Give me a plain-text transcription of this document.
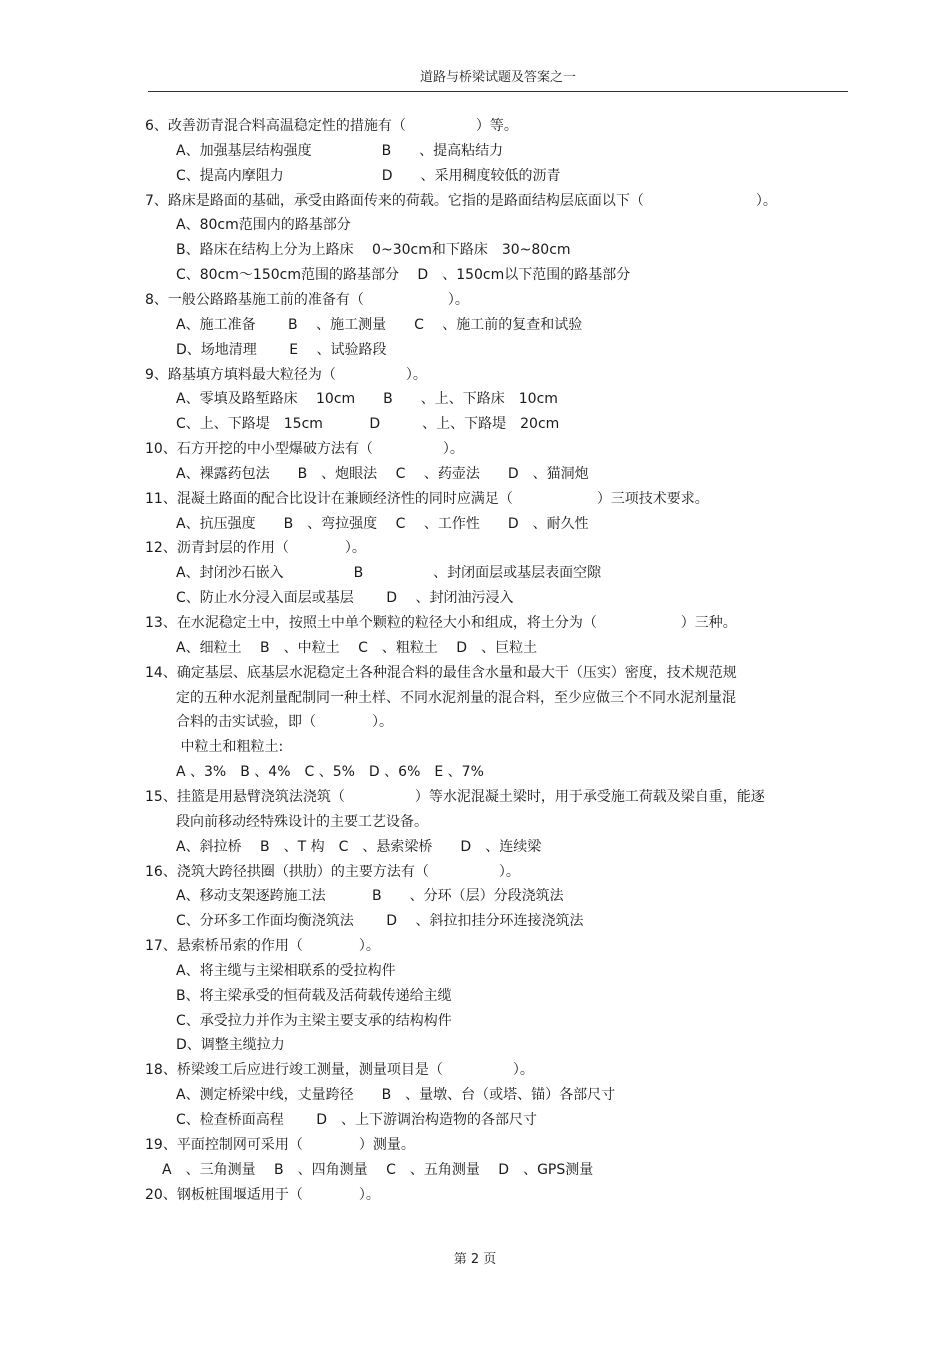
道路与桥梁试题及答案之一
6、改善沥青混合料高温稳定性的措施有（　　　　　）等。
A、加强基层结构强度　　　　　B　　、提高粘结力
C、提高内摩阻力　　　　　　　D　　、采用稠度较低的沥青
7、路床是路面的基础，承受由路面传来的荷载。它指的是路面结构层底面以下（　　　　　　　　）。
A、80cm范围内的路基部分
B、路床在结构上分为上路床　 0~30cm和下路床　30~80cm
C、80cm～150cm范围的路基部分　 D　、150cm以下范围的路基部分
8、一般公路路基施工前的准备有（　　　　　　）。
A、施工准备　　 B　 、施工测量　　C　 、施工前的复查和试验
D、场地清理　　 E　 、试验路段
9、路基填方填料最大粒径为（　　　　　）。
A、零填及路堑路床　 10cm　　B　　、上、下路床　10cm
C、上、下路堤　15cm　　　 D　　　、上、下路堤　20cm
10、石方开挖的中小型爆破方法有（　　　　　）。
A、裸露药包法　　B　、炮眼法　 C　 、药壶法　　D　、猫洞炮
11、混凝土路面的配合比设计在兼顾经济性的同时应满足（　　　　　　）三项技术要求。
A、抗压强度　　B　、弯拉强度　 C　 、工作性　　D　、耐久性
12、沥青封层的作用（　　　　）。
A、封闭沙石嵌入　　　　　B　　　　　、封闭面层或基层表面空隙
C、防止水分浸入面层或基层　　 D　 、封闭油污浸入
13、在水泥稳定土中，按照土中单个颗粒的粒径大小和组成，将土分为（　　　　　　）三种。
A、细粒土　 B　、中粒土　 C　、粗粒土　 D　、巨粒土
14、确定基层、底基层水泥稳定土各种混合料的最佳含水量和最大干（压实）密度，技术规范规
定的五种水泥剂量配制同一种土样、不同水泥剂量的混合料，至少应做三个不同水泥剂量混
合料的击实试验，即（　　　　）。
中粒土和粗粒土:
A 、3%　B 、4%　C 、5%　D 、6%　E 、7%
15、挂篮是用悬臂浇筑法浇筑（　　　　　）等水泥混凝土梁时，用于承受施工荷载及梁自重，能逐
段向前移动经特殊设计的主要工艺设备。
A、斜拉桥　 B　、T 构　C　、悬索梁桥　　D　、连续梁
16、浇筑大跨径拱圈（拱肋）的主要方法有（　　　　　）。
A、移动支架逐跨施工法　　　 B　　、分环（层）分段浇筑法
C、分环多工作面均衡浇筑法　　 D　 、斜拉扣挂分环连接浇筑法
17、悬索桥吊索的作用（　　　　）。
A、将主缆与主梁相联系的受拉构件
B、将主梁承受的恒荷载及活荷载传递给主缆
C、承受拉力并作为主梁主要支承的结构构件
D、调整主缆拉力
18、桥梁竣工后应进行竣工测量，测量项目是（　　　　　）。
A、测定桥梁中线，丈量跨径　　B　、量墩、台（或塔、锚）各部尺寸
C、检查桥面高程　　 D　、上下游调治构造物的各部尺寸
19、平面控制网可采用（　　　　）测量。
A　、三角测量　 B　、四角测量　 C　、五角测量　 D　、GPS测量
20、钢板桩围堰适用于（　　　　）。
第 2 页
